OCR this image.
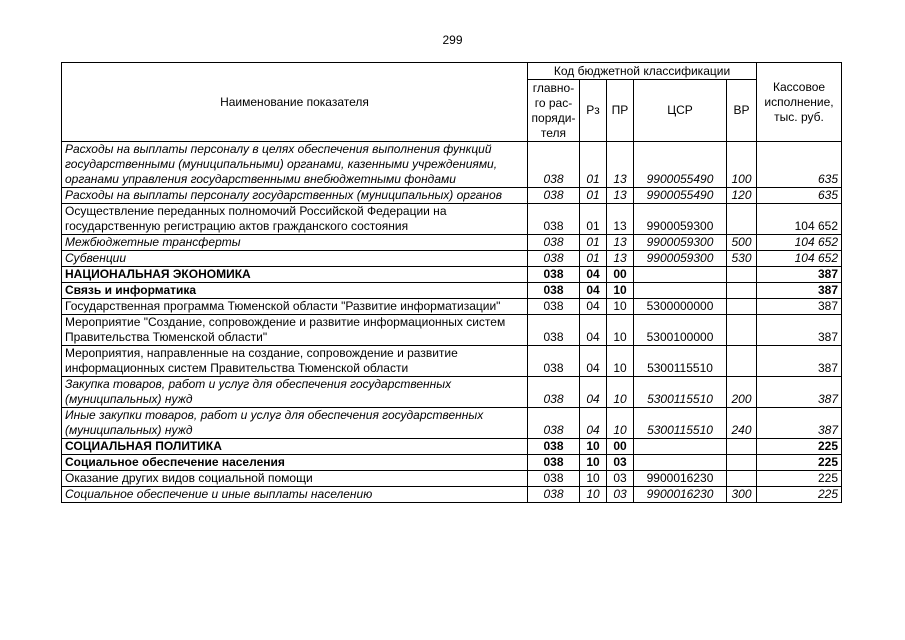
299
Наименование показателя	Код бюджетной классификации					Кассовое
исполнение,
тыс. руб.
	главно-
го рас-
поряди-
теля	Рз	ПР	ЦСР	ВР	
Расходы на выплаты персоналу в целях обеспечения выполнения функций государственными (муниципальными) органами, казенными учреждениями, органами управления государственными внебюджетными фондами	038	01	13	9900055490	100	635
Расходы на выплаты персоналу государственных (муниципальных) органов	038	01	13	9900055490	120	635
Осуществление переданных полномочий Российской Федерации на государственную регистрацию актов гражданского состояния	038	01	13	9900059300		104 652
Межбюджетные трансферты	038	01	13	9900059300	500	104 652
Субвенции	038	01	13	9900059300	530	104 652
НАЦИОНАЛЬНАЯ ЭКОНОМИКА	038	04	00			387
Связь и информатика	038	04	10			387
Государственная программа Тюменской области "Развитие информатизации"	038	04	10	5300000000		387
Мероприятие "Создание, сопровождение и развитие информационных систем Правительства Тюменской области"	038	04	10	5300100000		387
Мероприятия, направленные на создание, сопровождение и развитие информационных систем Правительства Тюменской области	038	04	10	5300115510		387
Закупка товаров, работ и услуг для обеспечения государственных (муниципальных) нужд	038	04	10	5300115510	200	387
Иные закупки товаров, работ и услуг для обеспечения государственных (муниципальных) нужд	038	04	10	5300115510	240	387
СОЦИАЛЬНАЯ ПОЛИТИКА	038	10	00			225
Социальное обеспечение населения	038	10	03			225
Оказание других видов социальной помощи	038	10	03	9900016230		225
Социальное обеспечение и иные выплаты населению	038	10	03	9900016230	300	225
